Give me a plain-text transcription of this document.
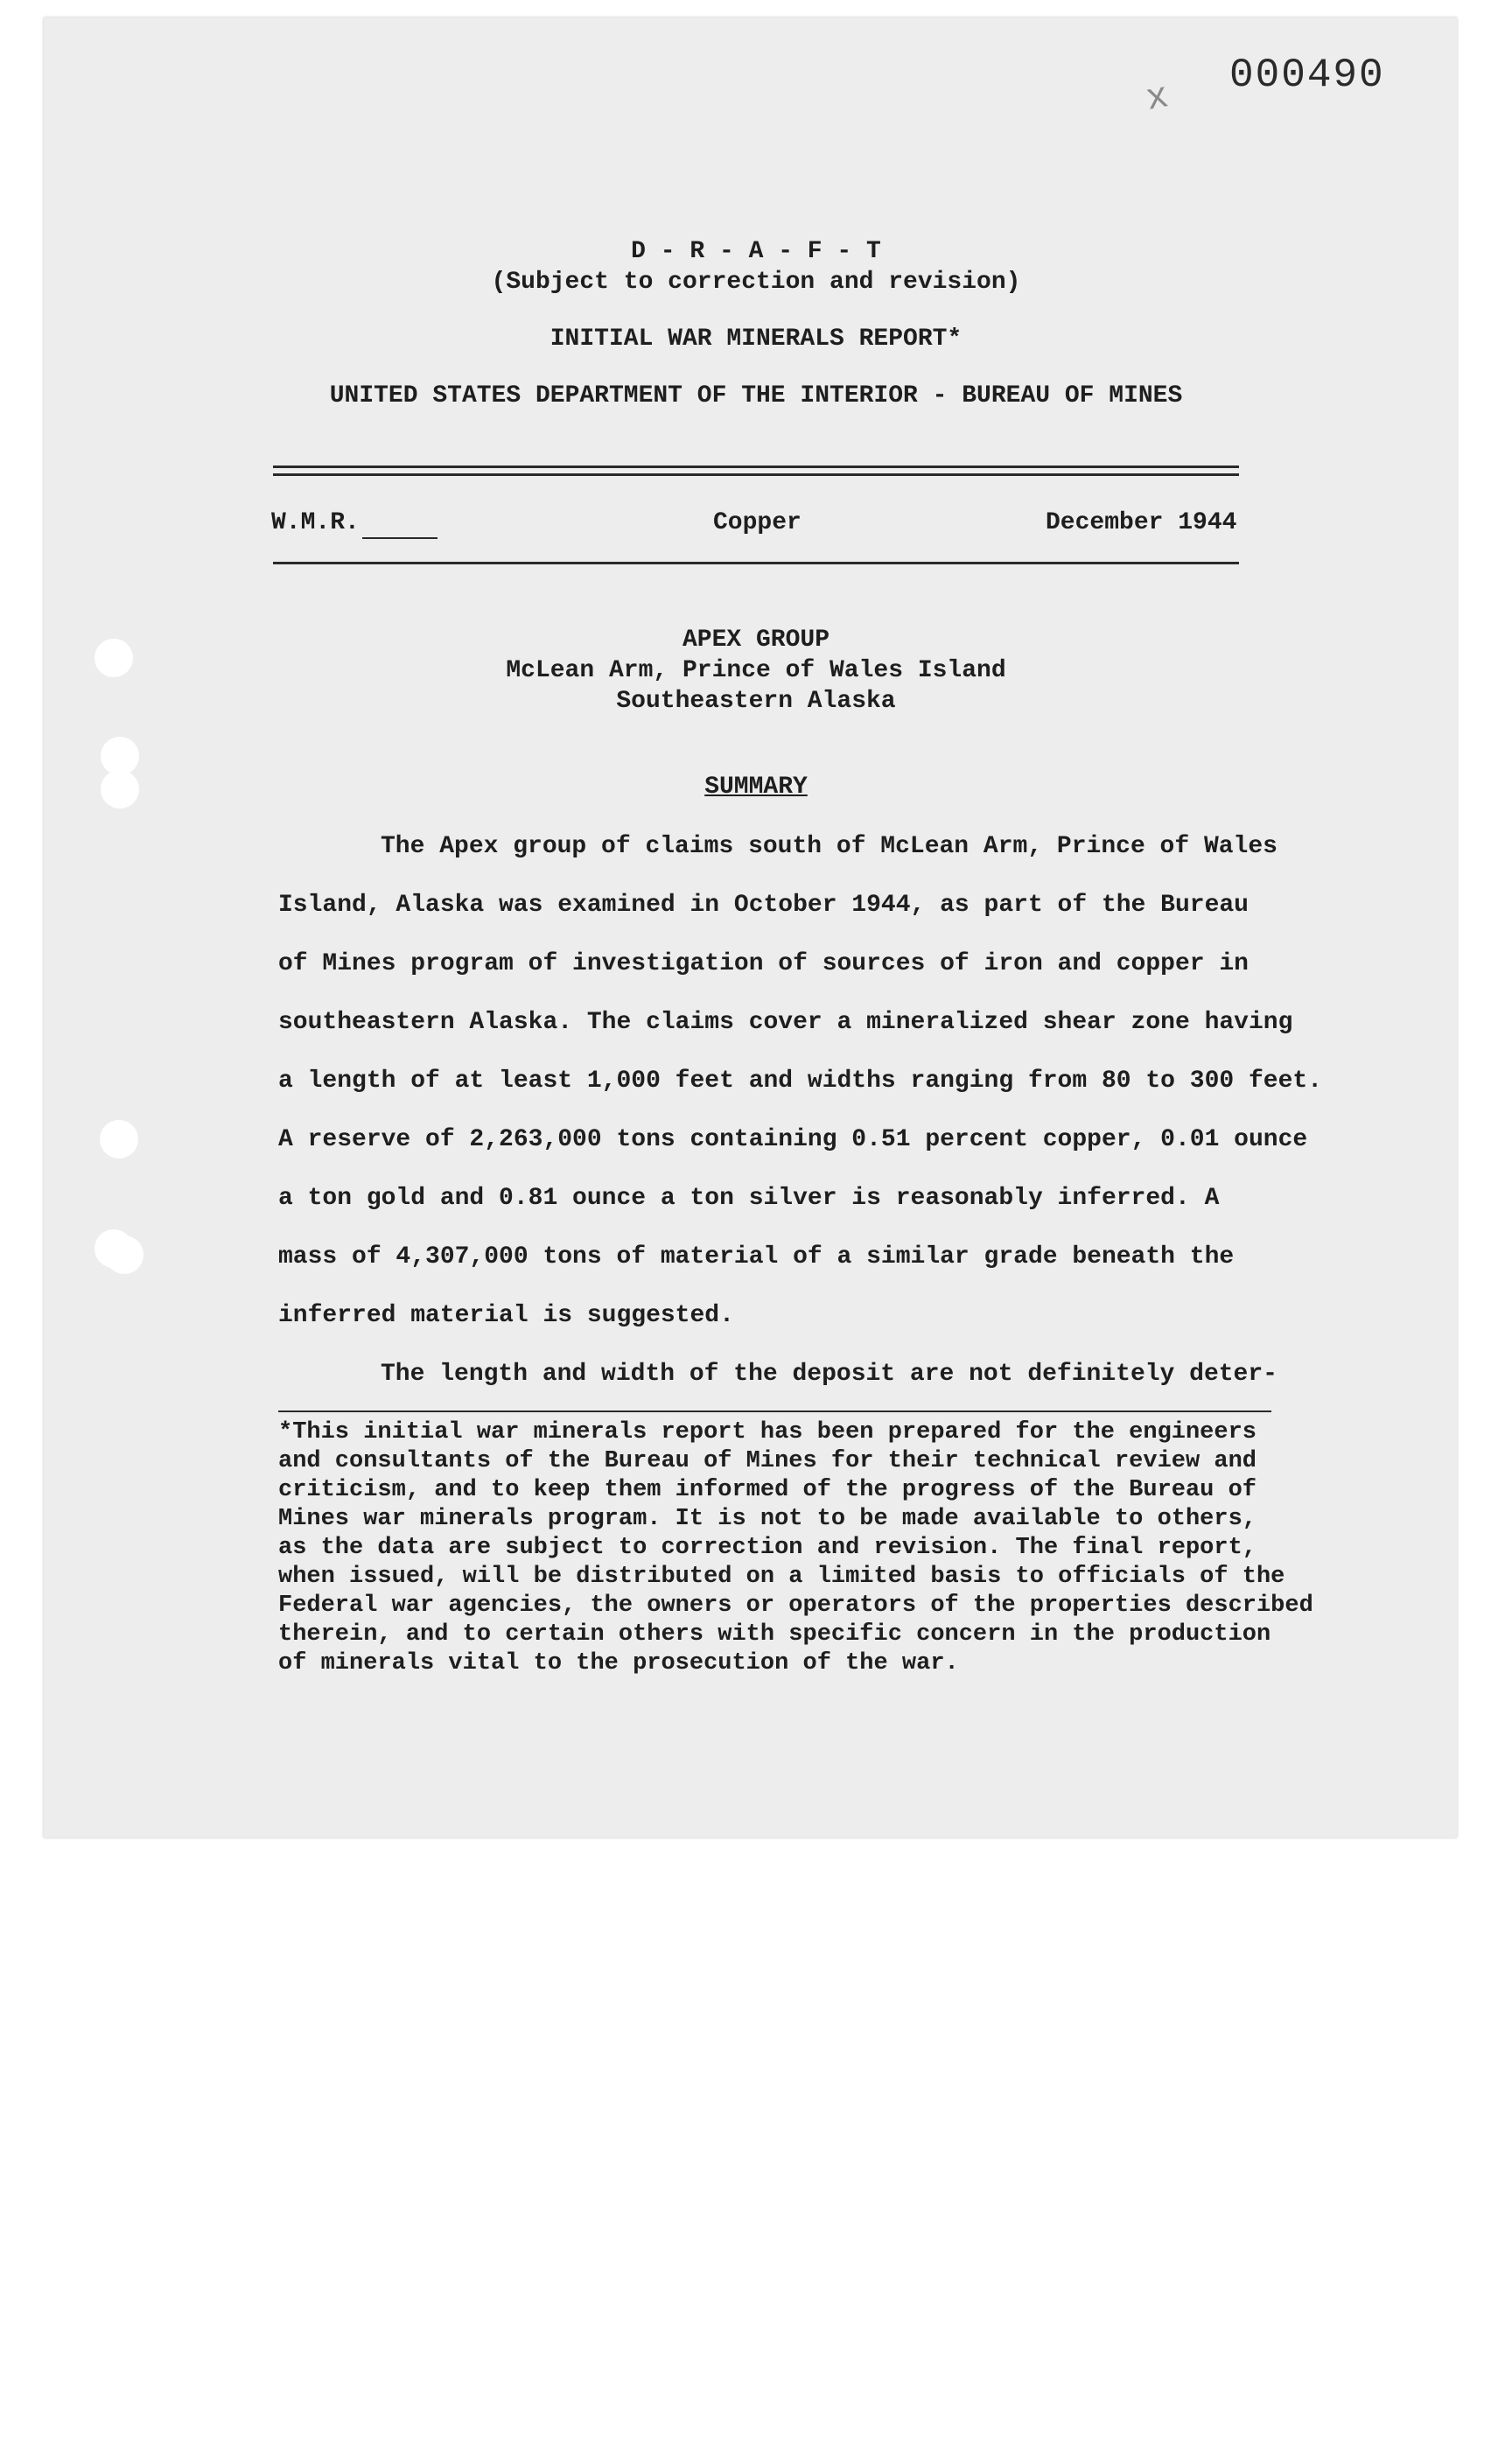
000490
x
D - R - A - F - T
(Subject to correction and revision)
INITIAL WAR MINERALS REPORT*
UNITED STATES DEPARTMENT OF THE INTERIOR - BUREAU OF MINES
W.M.R.	Copper	December 1944
APEX GROUP
McLean Arm, Prince of Wales Island
Southeastern Alaska
SUMMARY
The Apex group of claims south of McLean Arm, Prince of Wales
Island, Alaska was examined in October 1944, as part of the Bureau
of Mines program of investigation of sources of iron and copper in
southeastern Alaska. The claims cover a mineralized shear zone having
a length of at least 1,000 feet and widths ranging from 80 to 300 feet.
A reserve of 2,263,000 tons containing 0.51 percent copper, 0.01 ounce
a ton gold and 0.81 ounce a ton silver is reasonably inferred. A
mass of 4,307,000 tons of material of a similar grade beneath the
inferred material is suggested.
The length and width of the deposit are not definitely deter-
*This initial war minerals report has been prepared for the engineers
and consultants of the Bureau of Mines for their technical review and
criticism, and to keep them informed of the progress of the Bureau of
Mines war minerals program. It is not to be made available to others,
as the data are subject to correction and revision. The final report,
when issued, will be distributed on a limited basis to officials of the
Federal war agencies, the owners or operators of the properties described
therein, and to certain others with specific concern in the production
of minerals vital to the prosecution of the war.
